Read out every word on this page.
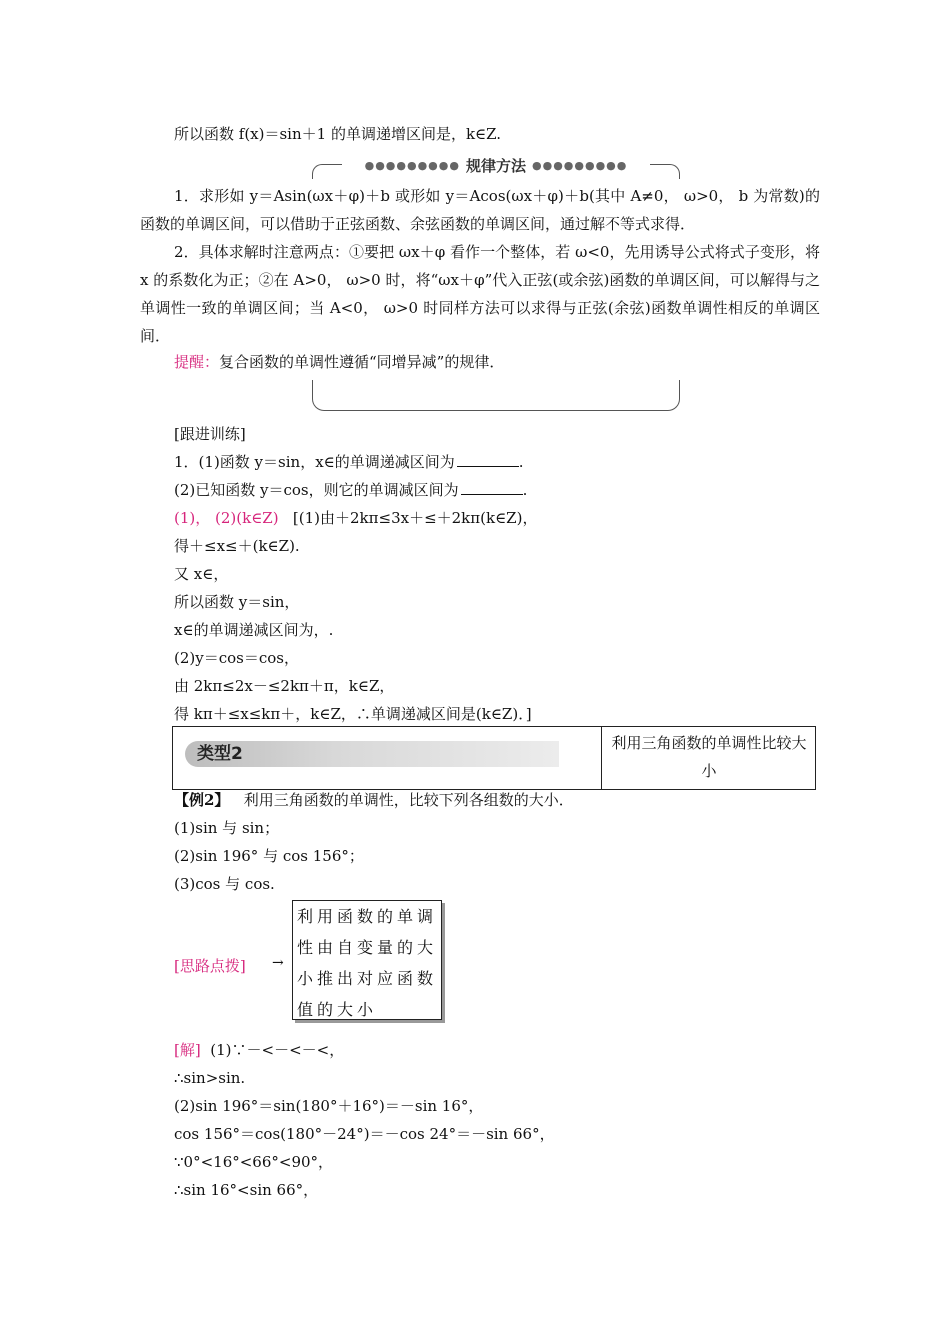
所以函数 f(x)＝sin＋1 的单调递增区间是，k∈Z.
●●●●●●●●● 规律方法 ●●●●●●●●●
1．求形如 y＝Asin(ωx＋φ)＋b 或形如 y＝Acos(ωx＋φ)＋b(其中 A≠0， ω>0， b 为常数)的函数的单调区间，可以借助于正弦函数、余弦函数的单调区间，通过解不等式求得．
2．具体求解时注意两点：①要把 ωx＋φ 看作一个整体，若 ω<0，先用诱导公式将式子变形，将 x 的系数化为正；②在 A>0， ω>0 时，将“ωx＋φ”代入正弦(或余弦)函数的单调区间，可以解得与之单调性一致的单调区间；当 A<0， ω>0 时同样方法可以求得与正弦(余弦)函数单调性相反的单调区间．
提醒：复合函数的单调性遵循“同增异减”的规律．
[跟进训练]
1．(1)函数 y＝sin，x∈的单调递减区间为	.
(2)已知函数 y＝cos，则它的单调减区间为	.
(1)， (2)(k∈Z) [(1)由＋2kπ≤3x＋≤＋2kπ(k∈Z)，
得＋≤x≤＋(k∈Z).
又 x∈，
所以函数 y＝sin，
x∈的单调递减区间为，.
(2)y＝cos＝cos，
由 2kπ≤2x－≤2kπ＋π，k∈Z，
得 kπ＋≤x≤kπ＋，k∈Z，∴单调递减区间是(k∈Z)．]
类型2
利用三角函数的单调性比较大小
【例2】 利用三角函数的单调性，比较下列各组数的大小．
(1)sin 与 sin；
(2)sin 196° 与 cos 156°；
(3)cos 与 cos.
[思路点拨] →
利用函数的单调性由自变量的大小推出对应函数值的大小
[解] (1)∵－<－<－<，
∴sin>sin.
(2)sin 196°＝sin(180°＋16°)＝－sin 16°，
cos 156°＝cos(180°－24°)＝－cos 24°＝－sin 66°，
∵0°<16°<66°<90°，
∴sin 16°<sin 66°，
